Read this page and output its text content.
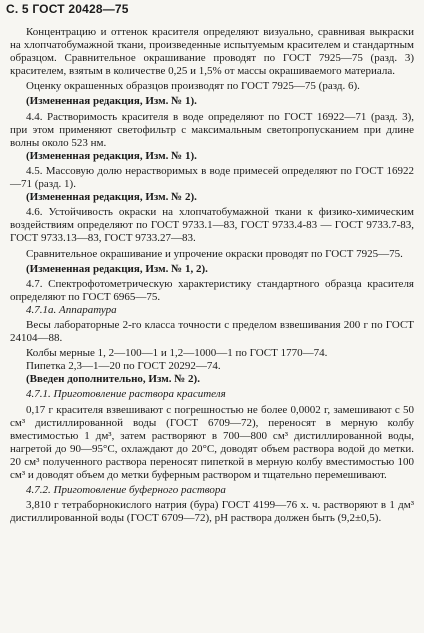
С. 5 ГОСТ 20428—75

Концентрацию и оттенок красителя определяют визуально, сравнивая выкраски на хлопчатобумажной ткани, произведенные испытуемым красителем и стандартным образцом. Сравнительное окрашивание проводят по ГОСТ 7925—75 (разд. 3) красителем, взятым в количестве 0,25 и 1,5% от массы окрашиваемого материала.

Оценку окрашенных образцов производят по ГОСТ 7925—75 (разд. 6).

(Измененная редакция, Изм. № 1).

4.4. Растворимость красителя в воде определяют по ГОСТ 16922—71 (разд. 3), при этом применяют светофильтр с максимальным светопропусканием при длине волны около 523 нм.

(Измененная редакция, Изм. № 1).

4.5. Массовую долю нерастворимых в воде примесей определяют по ГОСТ 16922—71 (разд. 1).

(Измененная редакция, Изм. № 2).

4.6. Устойчивость окраски на хлопчатобумажной ткани к физико-химическим воздействиям определяют по ГОСТ 9733.1—83, ГОСТ 9733.4-83 — ГОСТ 9733.7-83, ГОСТ 9733.13—83, ГОСТ 9733.27—83.

Сравнительное окрашивание и упрочение окраски проводят по ГОСТ 7925—75.

(Измененная редакция, Изм. № 1, 2).

4.7. Спектрофотометрическую характеристику стандартного образца красителя определяют по ГОСТ 6965—75.

4.7.1а. Аппаратура

Весы лабораторные 2-го класса точности с пределом взвешивания 200 г по ГОСТ 24104—88.

Колбы мерные 1, 2—100—1 и 1,2—1000—1 по ГОСТ 1770—74.

Пипетка 2,3—1—20 по ГОСТ 20292—74.

(Введен дополнительно, Изм. № 2).

4.7.1. Приготовление раствора красителя

0,17 г красителя взвешивают с погрешностью не более 0,0002 г, замешивают с 50 см³ дистиллированной воды (ГОСТ 6709—72), переносят в мерную колбу вместимостью 1 дм³, затем растворяют в 700—800 см³ дистиллированной воды, нагретой до 90—95°С, охлаждают до 20°С, доводят объем раствора водой до метки. 20 см³ полученного раствора переносят пипеткой в мерную колбу вместимостью 100 см³ и доводят объем до метки буферным раствором и тщательно перемешивают.

4.7.2. Приготовление буферного раствора

3,810 г тетраборнокислого натрия (бура) ГОСТ 4199—76 х. ч. растворяют в 1 дм³ дистиллированной воды (ГОСТ 6709—72), рН раствора должен быть (9,2±0,5).
